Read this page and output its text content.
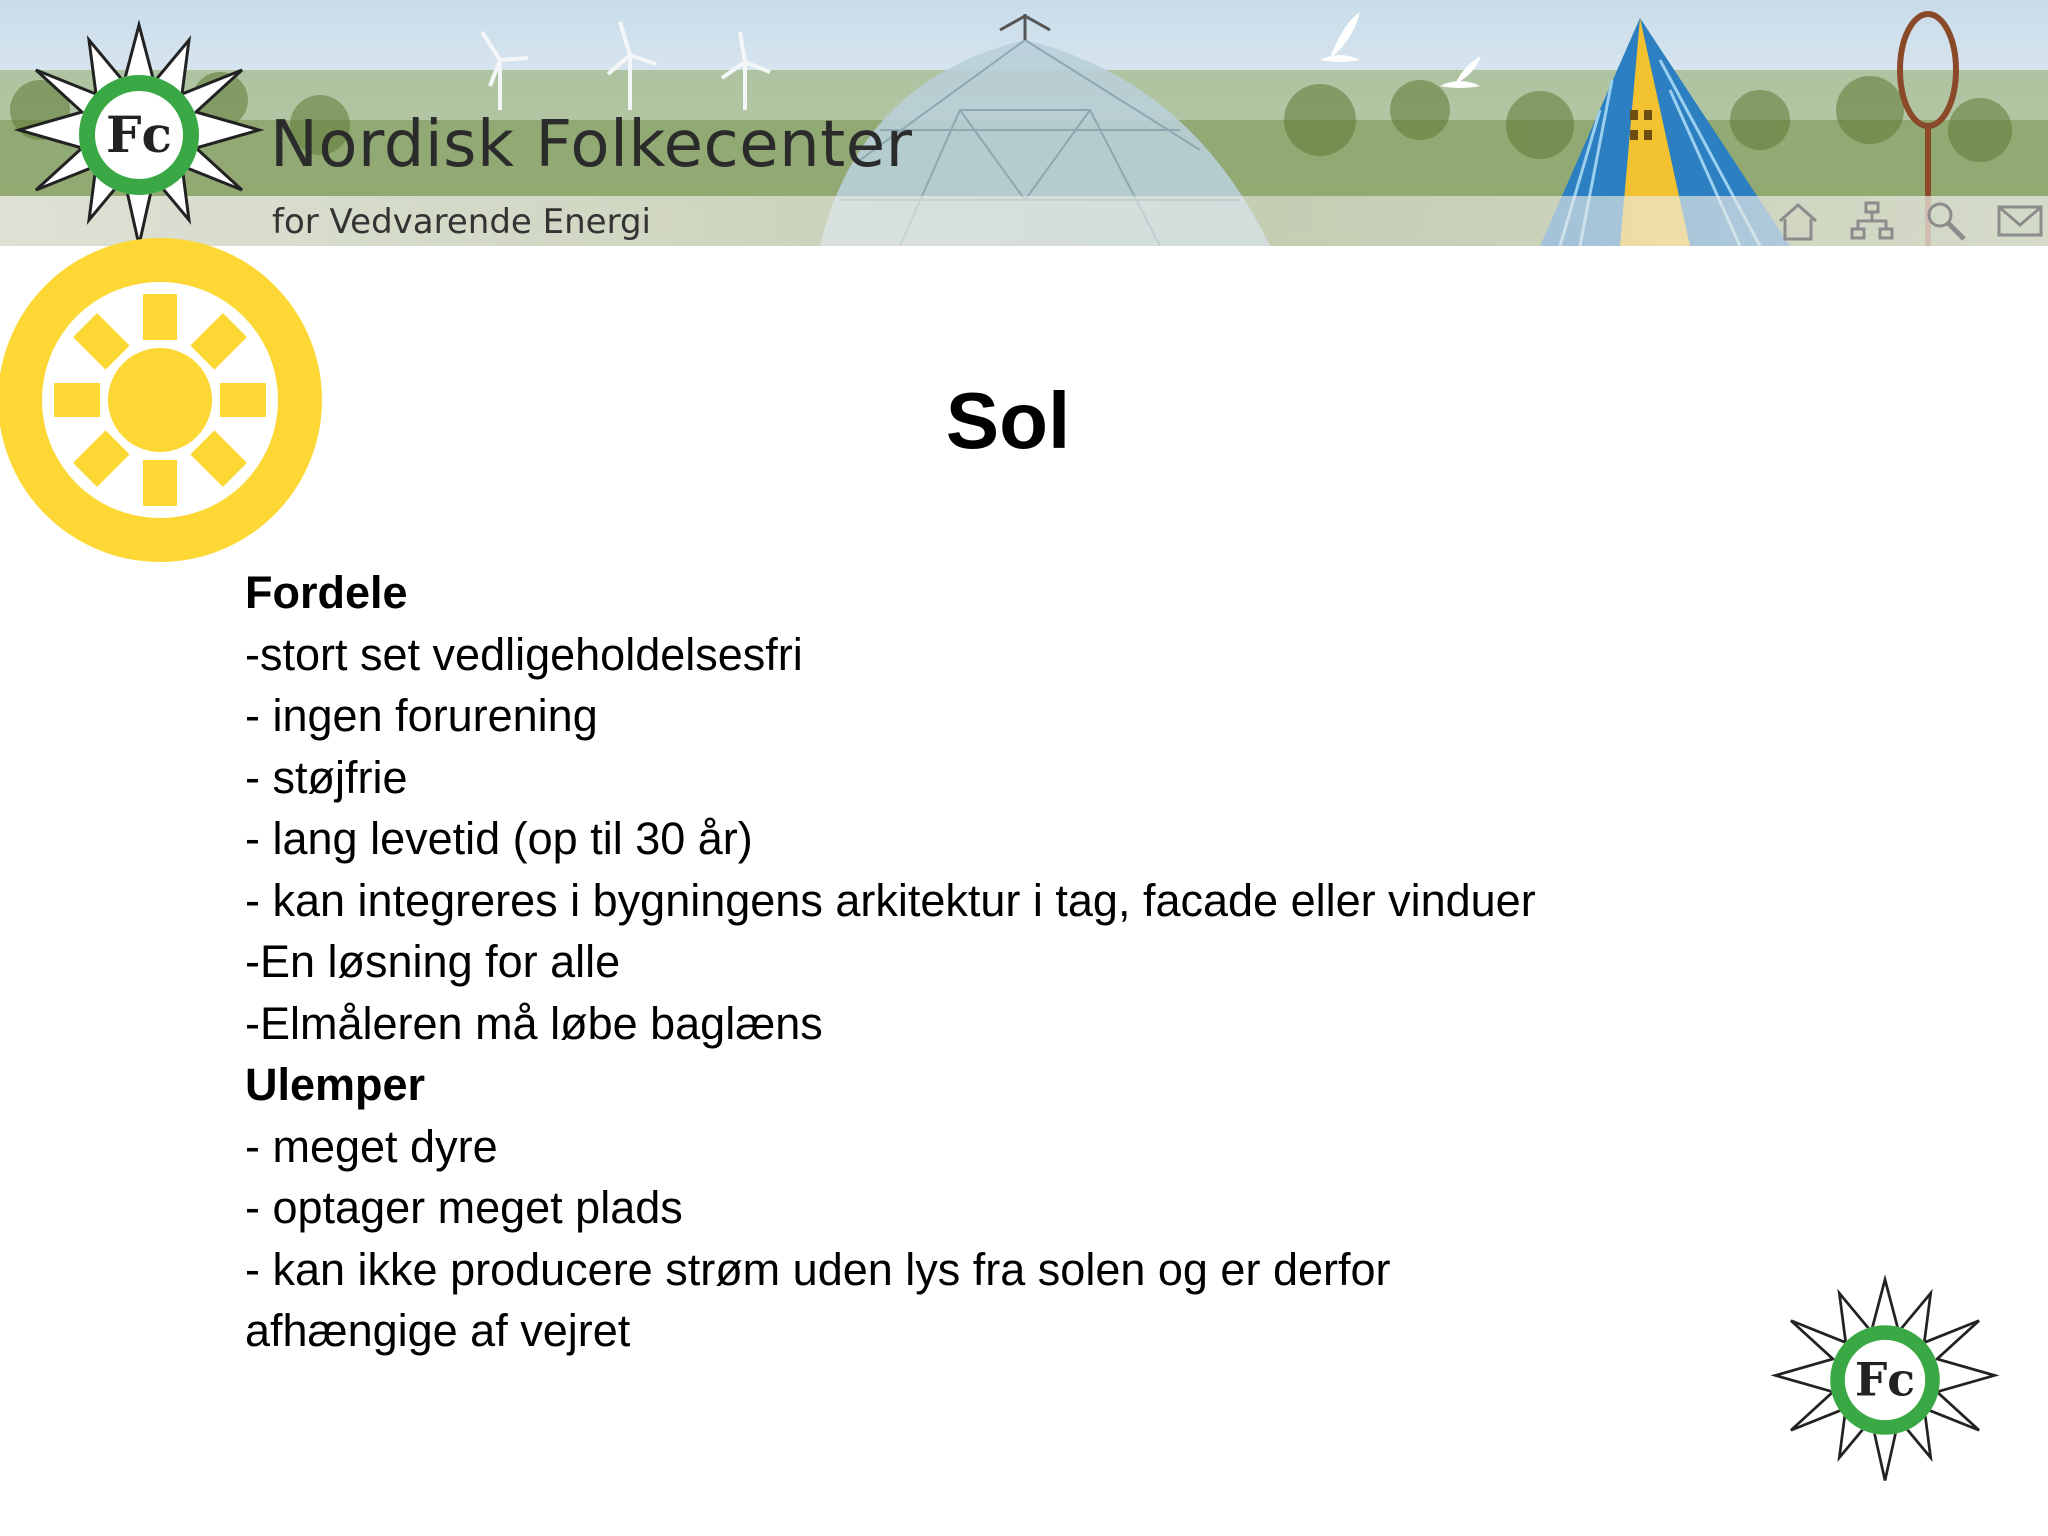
Fc Nordisk Folkecenter
for Vedvarende Energi
Sol
Fordele
-stort set vedligeholdelsesfri
- ingen forurening
- støjfrie
- lang levetid (op til 30 år)
- kan integreres i bygningens arkitektur i tag, facade eller vinduer
-En løsning for alle
-Elmåleren må løbe baglæns
Ulemper
- meget dyre
- optager meget plads
- kan ikke producere strøm uden lys fra solen og er derfor afhængige af vejret
Fc
